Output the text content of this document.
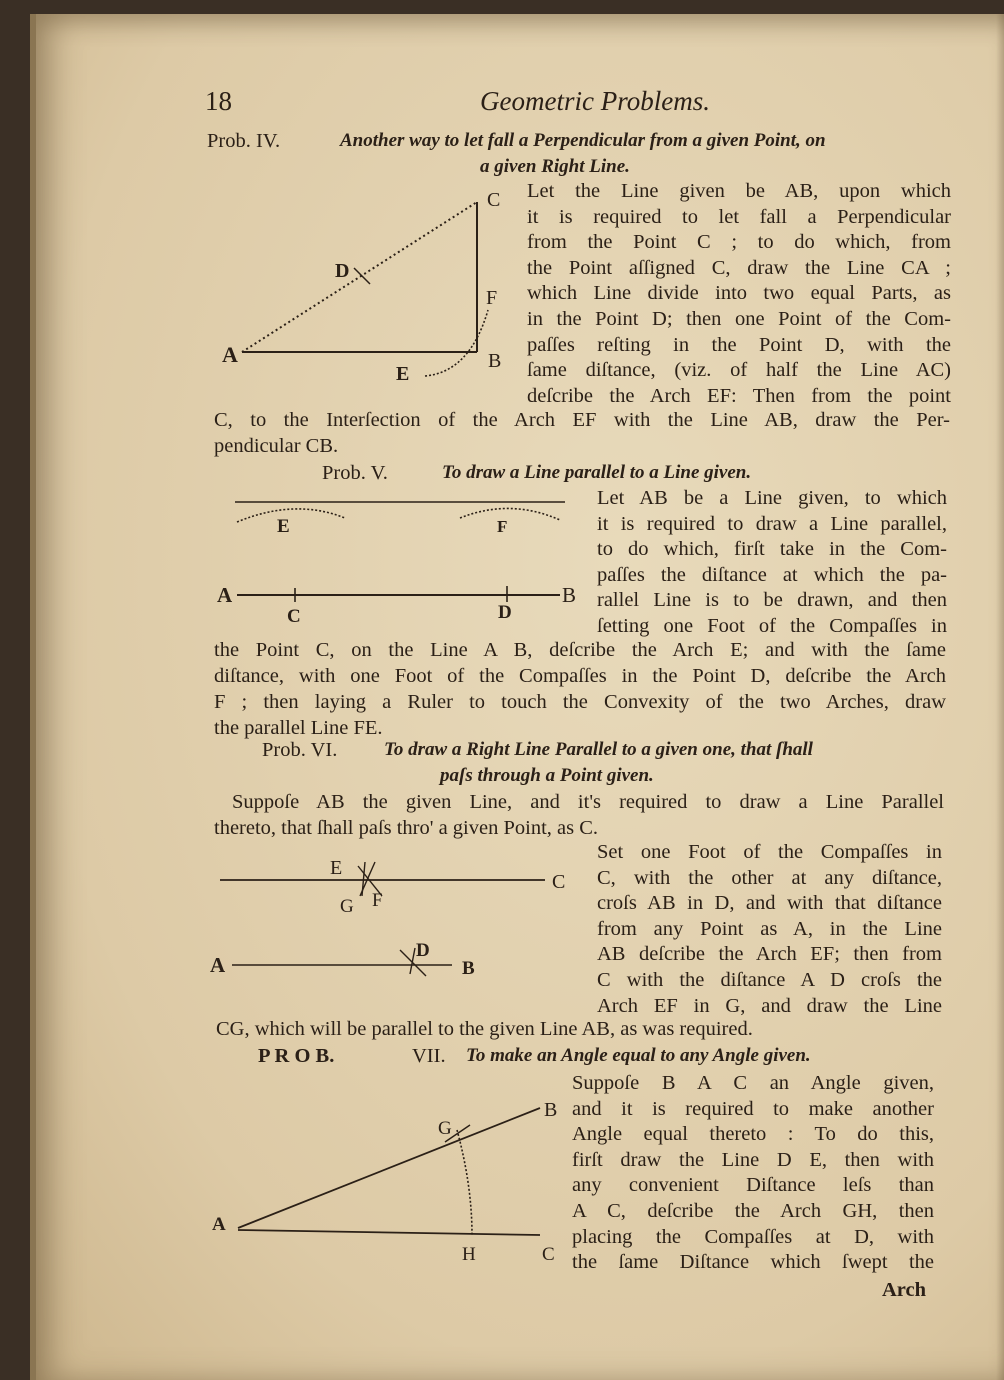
18	Geometric Problems.
Prob. IV.	Another way to let fall a Perpendicular from a given Point, on
a given Right Line.
Let the Line given be AB, upon which
it is required to let fall a Perpendicular
from the Point C ; to do which, from
the Point aſſigned C, draw the Line CA ;
which Line divide into two equal Parts, as
in the Point D; then one Point of the Com-
paſſes reſting in the Point D, with the
ſame diſtance, (viz. of half the Line AC)
deſcribe the Arch EF: Then from the point
C, to the Interſection of the Arch EF with the Line AB, draw the Per-
pendicular CB.
A	B
C
D
E
F
Prob. V.	To draw a Line parallel to a Line given.
Let AB be a Line given, to which
it is required to draw a Line parallel,
to do which, firſt take in the Com-
paſſes the diſtance at which the pa-
rallel Line is to be drawn, and then
ſetting one Foot of the Compaſſes in
the Point C, on the Line A B, deſcribe the Arch E; and with the ſame
diſtance, with one Foot of the Compaſſes in the Point D, deſcribe the Arch
F ; then laying a Ruler to touch the Convexity of the two Arches, draw
the parallel Line FE.
E	F
A	B
C	D
Prob. VI. To draw a Right Line Parallel to a given one, that ſhall
paſs through a Point given.
Suppoſe AB the given Line, and it's required to draw a Line Parallel
thereto, that ſhall paſs thro' a given Point, as C.
Set one Foot of the Compaſſes in
C, with the other at any diſtance,
croſs AB in D, and with that diſtance
from any Point as A, in the Line
AB deſcribe the Arch EF; then from
C with the diſtance A D croſs the
Arch EF in G, and draw the Line
CG, which will be parallel to the given Line AB, as was required.
E
G F
C
A
D
B
P R O B.	VII. To make an Angle equal to any Angle given.
Suppoſe B A C an Angle given,
and it is required to make another
Angle equal thereto : To do this,
firſt draw the Line D E, then with
any convenient Diſtance leſs than
A C, deſcribe the Arch GH, then
placing the Compaſſes at D, with
the ſame Diſtance which ſwept the
Arch
B
G
A
H	C
